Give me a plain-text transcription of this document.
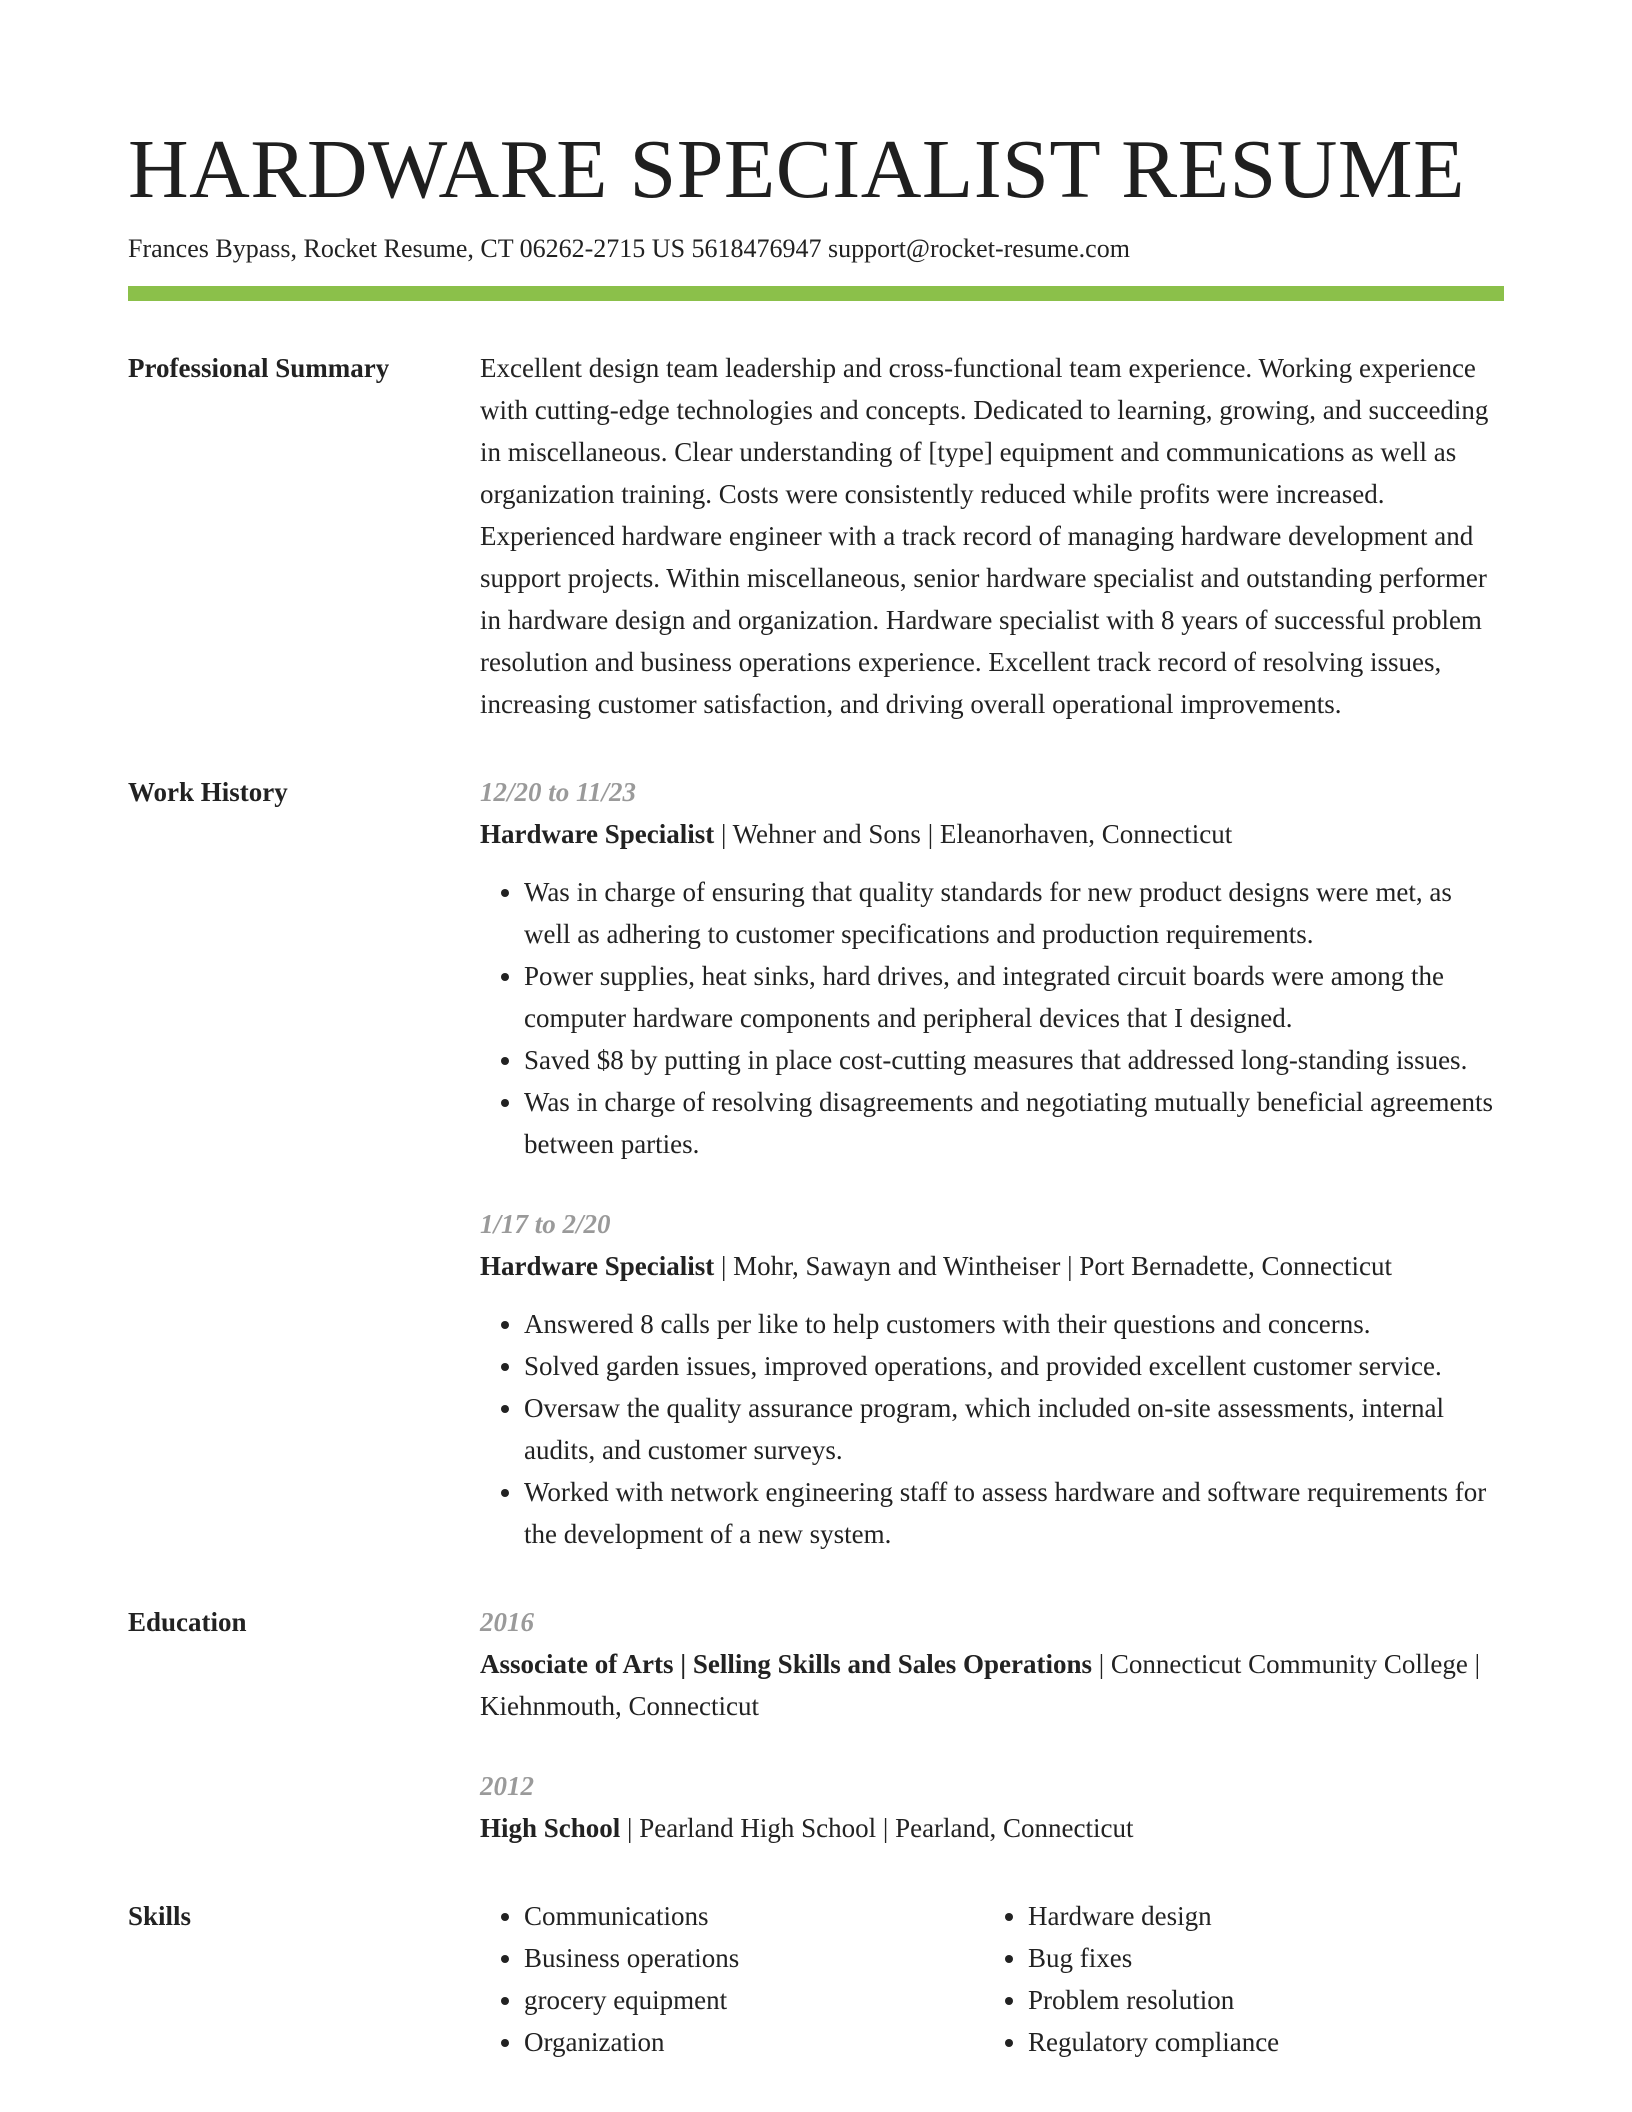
HARDWARE SPECIALIST RESUME
Frances Bypass, Rocket Resume, CT 06262-2715 US 5618476947 support@rocket-resume.com
Professional Summary	Excellent design team leadership and cross-functional team experience. Working experience with cutting-edge technologies and concepts. Dedicated to learning, growing, and succeeding in miscellaneous. Clear understanding of [type] equipment and communications as well as organization training. Costs were consistently reduced while profits were increased. Experienced hardware engineer with a track record of managing hardware development and support projects. Within miscellaneous, senior hardware specialist and outstanding performer in hardware design and organization. Hardware specialist with 8 years of successful problem resolution and business operations experience. Excellent track record of resolving issues, increasing customer satisfaction, and driving overall operational improvements.

Work History	12/20 to 11/23
Hardware Specialist | Wehner and Sons | Eleanorhaven, Connecticut
• Was in charge of ensuring that quality standards for new product designs were met, as well as adhering to customer specifications and production requirements.
• Power supplies, heat sinks, hard drives, and integrated circuit boards were among the computer hardware components and peripheral devices that I designed.
• Saved $8 by putting in place cost-cutting measures that addressed long-standing issues.
• Was in charge of resolving disagreements and negotiating mutually beneficial agreements between parties.
1/17 to 2/20
Hardware Specialist | Mohr, Sawayn and Wintheiser | Port Bernadette, Connecticut
• Answered 8 calls per like to help customers with their questions and concerns.
• Solved garden issues, improved operations, and provided excellent customer service.
• Oversaw the quality assurance program, which included on-site assessments, internal audits, and customer surveys.
• Worked with network engineering staff to assess hardware and software requirements for the development of a new system.
Education	2016
Associate of Arts | Selling Skills and Sales Operations | Connecticut Community College | Kiehnmouth, Connecticut
2012
High School | Pearland High School | Pearland, Connecticut
Skills
•	Communications
• Business operations
• grocery equipment
• Organization
• Hardware design
• Bug fixes
• Problem resolution
• Regulatory compliance
